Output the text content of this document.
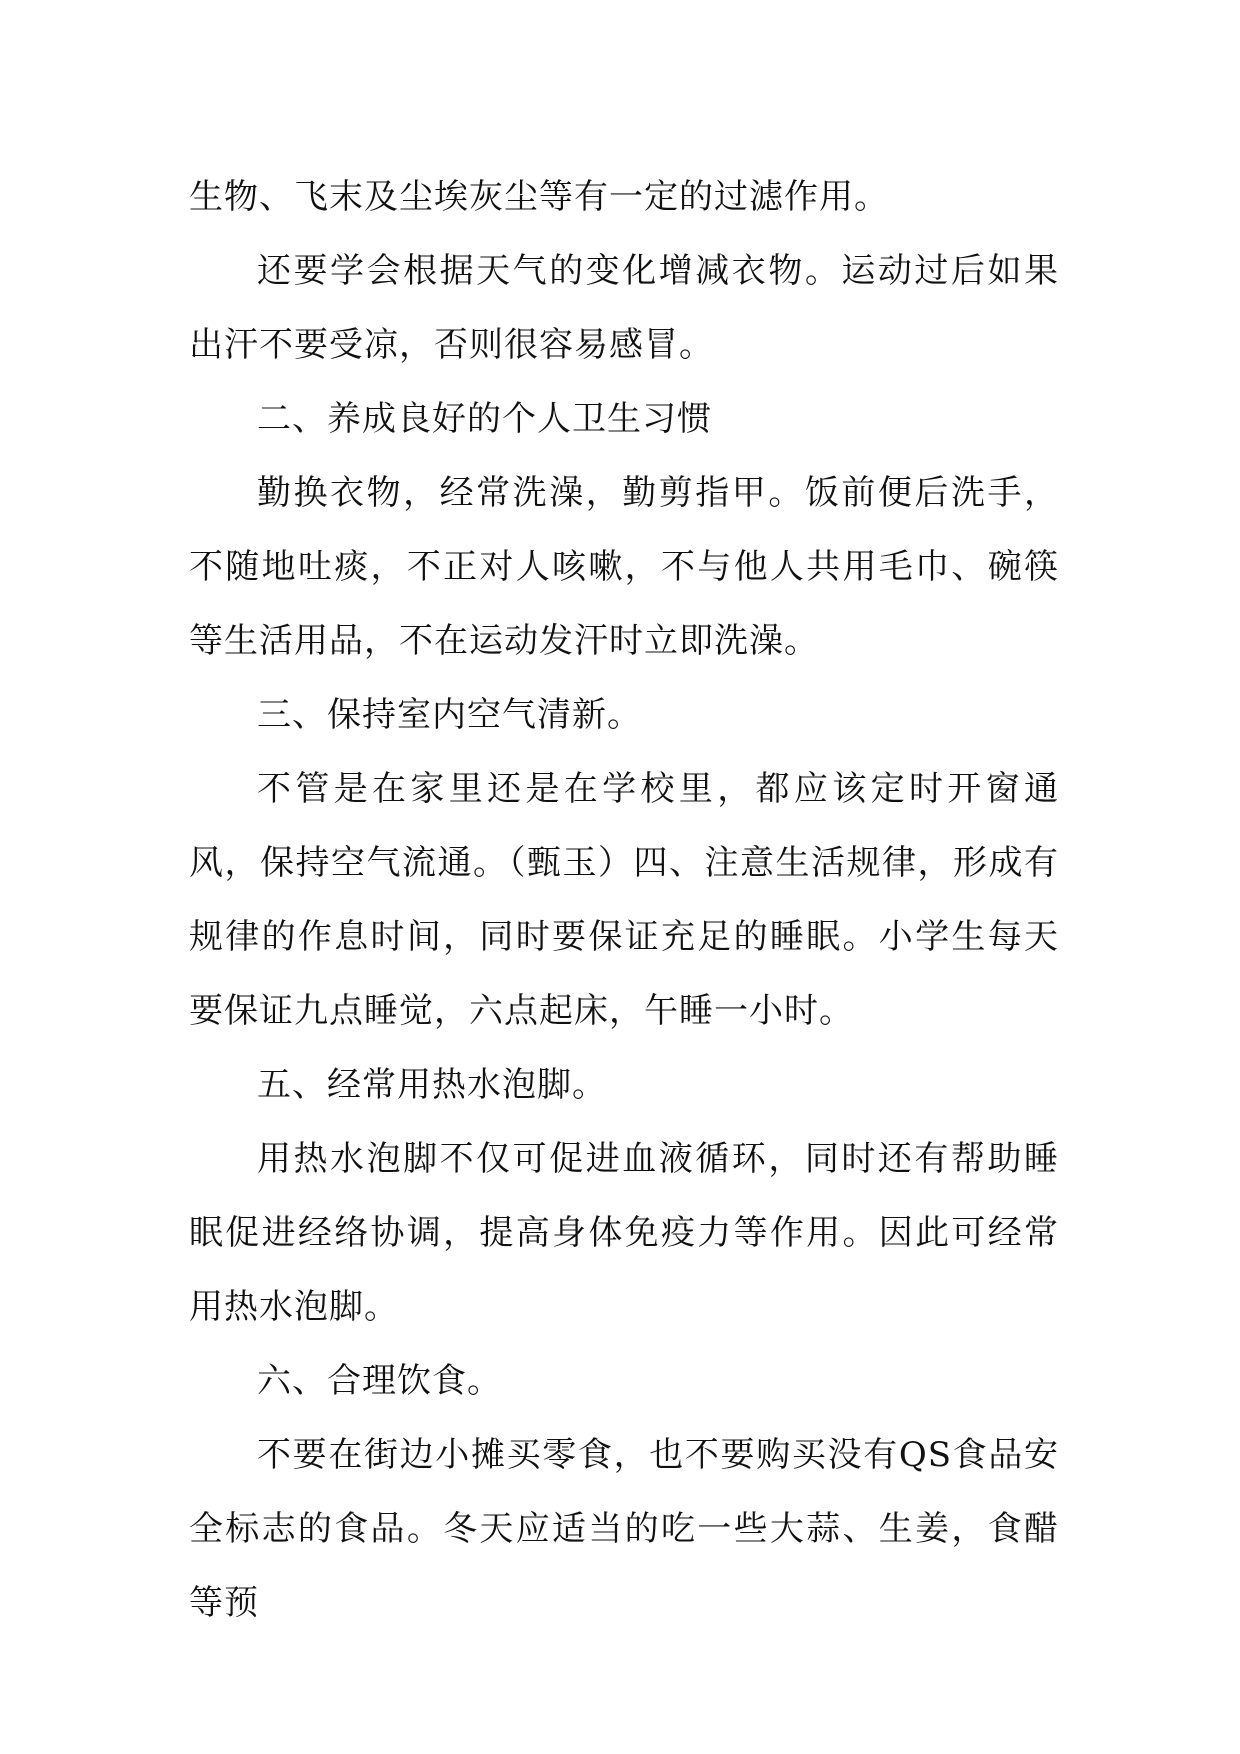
生物、飞末及尘埃灰尘等有一定的过滤作用。

还要学会根据天气的变化增减衣物。运动过后如果出汗不要受凉，否则很容易感冒。

二、养成良好的个人卫生习惯

勤换衣物，经常洗澡，勤剪指甲。饭前便后洗手，不随地吐痰，不正对人咳嗽，不与他人共用毛巾、碗筷等生活用品，不在运动发汗时立即洗澡。

三、保持室内空气清新。

不管是在家里还是在学校里，都应该定时开窗通风，保持空气流通。（甄玉）四、注意生活规律，形成有规律的作息时间，同时要保证充足的睡眠。小学生每天要保证九点睡觉，六点起床，午睡一小时。

五、经常用热水泡脚。

用热水泡脚不仅可促进血液循环，同时还有帮助睡眠促进经络协调，提高身体免疫力等作用。因此可经常用热水泡脚。

六、合理饮食。

不要在街边小摊买零食，也不要购买没有QS食品安全标志的食品。冬天应适当的吃一些大蒜、生姜，食醋等预
